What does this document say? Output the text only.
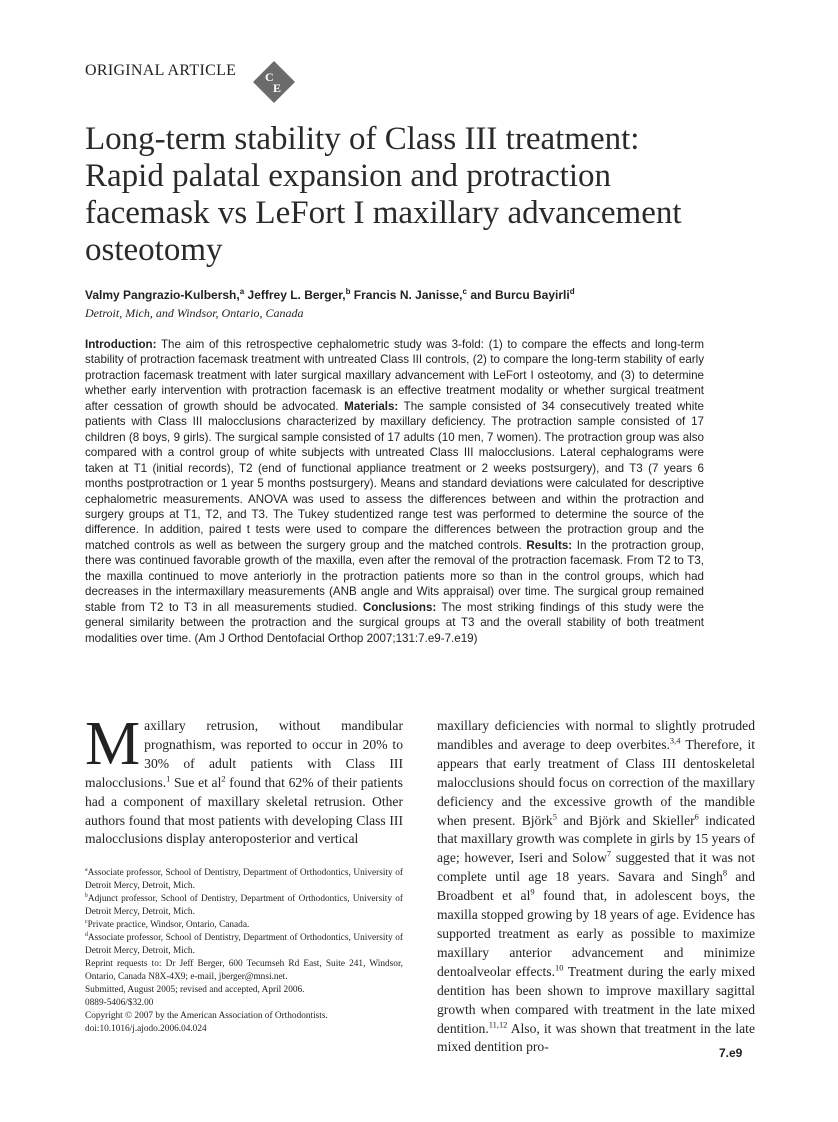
ORIGINAL ARTICLE C
E
Long-term stability of Class III treatment: Rapid palatal expansion and protraction facemask vs LeFort I maxillary advancement osteotomy
Valmy Pangrazio-Kulbersh,$^a$ Jeffrey L. Berger,$^b$ Francis N. Janisse,$^c$ and Burcu Bayirli$^d$
Detroit, Mich, and Windsor, Ontario, Canada
Introduction: The aim of this retrospective cephalometric study was 3-fold: (1) to compare the effects and long-term stability of protraction facemask treatment with untreated Class III controls, (2) to compare the long-term stability of early protraction facemask treatment with later surgical maxillary advancement with LeFort I osteotomy, and (3) to determine whether early intervention with protraction facemask is an effective treatment modality or whether surgical treatment after cessation of growth should be advocated. Materials: The sample consisted of 34 consecutively treated white patients with Class III malocclusions characterized by maxillary deficiency. The protraction sample consisted of 17 children (8 boys, 9 girls). The surgical sample consisted of 17 adults (10 men, 7 women). The protraction group was also compared with a control group of white subjects with untreated Class III malocclusions. Lateral cephalograms were taken at T1 (initial records), T2 (end of functional appliance treatment or 2 weeks postsurgery), and T3 (7 years 6 months postprotraction or 1 year 5 months postsurgery). Means and standard deviations were calculated for descriptive cephalometric measurements. ANOVA was used to assess the differences between and within the protraction and surgery groups at T1, T2, and T3. The Tukey studentized range test was performed to determine the source of the difference. In addition, paired t tests were used to compare the differences between the protraction group and the matched controls as well as between the surgery group and the matched controls. Results: In the protraction group, there was continued favorable growth of the maxilla, even after the removal of the protraction facemask. From T2 to T3, the maxilla continued to move anteriorly in the protraction patients more so than in the control groups, which had decreases in the intermaxillary measurements (ANB angle and Wits appraisal) over time. The surgical group remained stable from T2 to T3 in all measurements studied. Conclusions: The most striking findings of this study were the general similarity between the protraction and the surgical groups at T3 and the overall stability of both treatment modalities over time. (Am J Orthod Dentofacial Orthop 2007;131:7.e9-7.e19)

Maxillary retrusion, without mandibular prognathism, was reported to occur in 20% to 30% of adult patients with Class III malocclusions.$^1$ Sue et $al^2$ found that 62% of their patients had a component of maxillary skeletal retrusion. Other authors found that most patients with developing Class III malocclusions display anteroposterior and vertical

maxillary deficiencies with normal to slightly protruded mandibles and average to deep overbites.$^{3,4}$ Therefore, it appears that early treatment of Class III dentoskeletal malocclusions should focus on correction of the maxillary deficiency and the excessive growth of the mandible when present. Björk$^5$ and Björk and Skieller$^6$ indicated that maxillary growth was complete in girls by 15 years of age; however, Iseri and Solow$^7$ suggested that it was not complete until age 18 years. Savara and Singh$^8$ and Broadbent et $al^9$ found that, in adolescent boys, the maxilla stopped growing by 18 years of age. Evidence has supported treatment as early as possible to maximize maxillary anterior advancement and minimize dentoalveolar effects.$^{10}$ Treatment during the early mixed dentition has been shown to improve maxillary sagittal growth when compared with treatment in the late mixed dentition.$^{11,12}$ Also, it was shown that treatment in the late mixed dentition pro-

$^a$Associate professor, School of Dentistry, Department of Orthodontics, University of Detroit Mercy, Detroit, Mich.
$^b$Adjunct professor, School of Dentistry, Department of Orthodontics, University of Detroit Mercy, Detroit, Mich.
$^c$Private practice, Windsor, Ontario, Canada.
$^d$Associate professor, School of Dentistry, Department of Orthodontics, University of Detroit Mercy, Detroit, Mich.
Reprint requests to: Dr Jeff Berger, 600 Tecumseh Rd East, Suite 241, Windsor, Ontario, Canada N8X-4X9; e-mail, jberger@mnsi.net.
Submitted, August 2005; revised and accepted, April 2006.
0889-5406/$32.00
Copyright © 2007 by the American Association of Orthodontists.
doi:10.1016/j.ajodo.2006.04.024
7.e9
